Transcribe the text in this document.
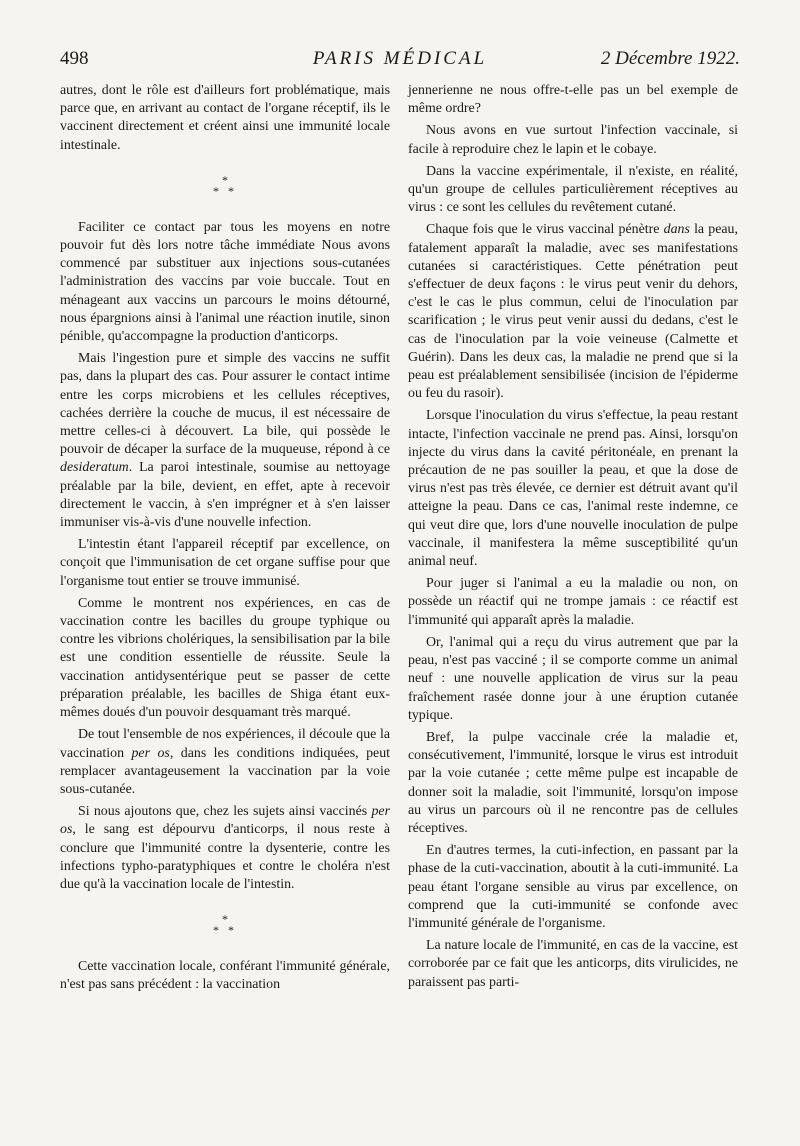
PARIS MÉDICAL
498	2 Décembre 1922.

autres, dont le rôle est d'ailleurs fort problématique, mais parce que, en arrivant au contact de l'organe réceptif, ils le vaccinent directement et créent ainsi une immunité locale intestinale.

*
* *

Faciliter ce contact par tous les moyens en notre pouvoir fut dès lors notre tâche immédiate Nous avons commencé par substituer aux injections sous-cutanées l'administration des vaccins par voie buccale. Tout en ménageant aux vaccins un parcours le moins détourné, nous épargnions ainsi à l'animal une réaction inutile, sinon pénible, qu'accompagne la production d'anticorps.

Mais l'ingestion pure et simple des vaccins ne suffit pas, dans la plupart des cas. Pour assurer le contact intime entre les corps microbiens et les cellules réceptives, cachées derrière la couche de mucus, il est nécessaire de mettre celles-ci à découvert. La bile, qui possède le pouvoir de décaper la surface de la muqueuse, répond à ce desideratum. La paroi intestinale, soumise au nettoyage préalable par la bile, devient, en effet, apte à recevoir directement le vaccin, à s'en imprégner et à s'en laisser immuniser vis-à-vis d'une nouvelle infection.

L'intestin étant l'appareil réceptif par excellence, on conçoit que l'immunisation de cet organe suffise pour que l'organisme tout entier se trouve immunisé.

Comme le montrent nos expériences, en cas de vaccination contre les bacilles du groupe typhique ou contre les vibrions cholériques, la sensibilisation par la bile est une condition essentielle de réussite. Seule la vaccination antidysentérique peut se passer de cette préparation préalable, les bacilles de Shiga étant eux-mêmes doués d'un pouvoir desquamant très marqué.

De tout l'ensemble de nos expériences, il découle que la vaccination per os, dans les conditions indiquées, peut remplacer avantageusement la vaccination par la voie sous-cutanée.

Si nous ajoutons que, chez les sujets ainsi vaccinés per os, le sang est dépourvu d'anticorps, il nous reste à conclure que l'immunité contre la dysenterie, contre les infections typho-paratyphiques et contre le choléra n'est due qu'à la vaccination locale de l'intestin.

*
* *

Cette vaccination locale, conférant l'immunité générale, n'est pas sans précédent : la vaccination

jennerienne ne nous offre-t-elle pas un bel exemple de même ordre?

Nous avons en vue surtout l'infection vaccinale, si facile à reproduire chez le lapin et le cobaye.

Dans la vaccine expérimentale, il n'existe, en réalité, qu'un groupe de cellules particulièrement réceptives au virus : ce sont les cellules du revêtement cutané.

Chaque fois que le virus vaccinal pénètre dans la peau, fatalement apparaît la maladie, avec ses manifestations cutanées si caractéristiques. Cette pénétration peut s'effectuer de deux façons : le virus peut venir du dehors, c'est le cas le plus commun, celui de l'inoculation par scarification ; le virus peut venir aussi du dedans, c'est le cas de l'inoculation par la voie veineuse (Calmette et Guérin). Dans les deux cas, la maladie ne prend que si la peau est préalablement sensibilisée (incision de l'épiderme ou feu du rasoir).

Lorsque l'inoculation du virus s'effectue, la peau restant intacte, l'infection vaccinale ne prend pas. Ainsi, lorsqu'on injecte du virus dans la cavité péritonéale, en prenant la précaution de ne pas souiller la peau, et que la dose de virus n'est pas très élevée, ce dernier est détruit avant qu'il atteigne la peau. Dans ce cas, l'animal reste indemne, ce qui veut dire que, lors d'une nouvelle inoculation de pulpe vaccinale, il manifestera la même susceptibilité qu'un animal neuf.

Pour juger si l'animal a eu la maladie ou non, on possède un réactif qui ne trompe jamais : ce réactif est l'immunité qui apparaît après la maladie.

Or, l'animal qui a reçu du virus autrement que par la peau, n'est pas vacciné ; il se comporte comme un animal neuf : une nouvelle application de virus sur la peau fraîchement rasée donne jour à une éruption cutanée typique.

Bref, la pulpe vaccinale crée la maladie et, consécutivement, l'immunité, lorsque le virus est introduit par la voie cutanée ; cette même pulpe est incapable de donner soit la maladie, soit l'immunité, lorsqu'on impose au virus un parcours où il ne rencontre pas de cellules réceptives.

En d'autres termes, la cuti-infection, en passant par la phase de la cuti-vaccination, aboutit à la cuti-immunité. La peau étant l'organe sensible au virus par excellence, on comprend que la cuti-immunité se confonde avec l'immunité générale de l'organisme.

La nature locale de l'immunité, en cas de la vaccine, est corroborée par ce fait que les anticorps, dits virulicides, ne paraissent pas parti-
